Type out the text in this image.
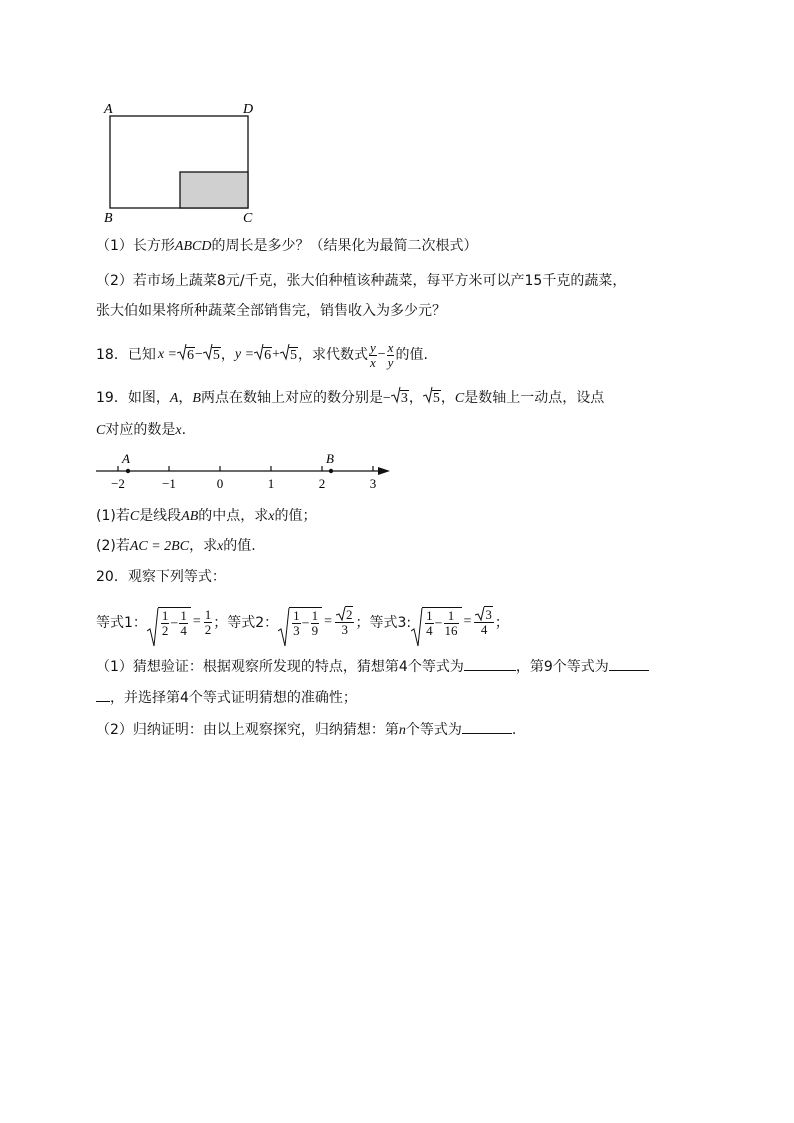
A	D
B	C
（1）长方形ABCD的周长是多少？（结果化为最简二次根式）
（2）若市场上蔬菜8元/千克，张大伯种植该种蔬菜，每平方米可以产15千克的蔬菜，
张大伯如果将所种蔬菜全部销售完，销售收入为多少元？
18．已知 x = 6 − 5 ， y = 6 + 5 ，求代数式 $\frac{y}{x} - \frac{x}{y}$ 的值.
19．如图，A，B两点在数轴上对应的数分别是− 3， 5，C是数轴上一动点，设点
C对应的数是x.
−2	−1	0	1	2	3
A	B
(1)若C是线段AB的中点，求x的值；
(2)若AC = 2BC，求x的值.
20．观察下列等式：
等式1： $\frac{1}{2} - \frac{1}{4} = \frac{1}{2}$ ；等式2： $\frac{1}{3} - \frac{1}{9} = \frac{2}{3}$ ；等式3: $\frac{1}{4} - \frac{1}{16} = \frac{3}{4}$ ；
（1）猜想验证：根据观察所发现的特点，猜想第4个等式为	，第9个等式为
，并选择第4个等式证明猜想的准确性；
（2）归纳证明：由以上观察探究，归纳猜想：第n个等式为	.
